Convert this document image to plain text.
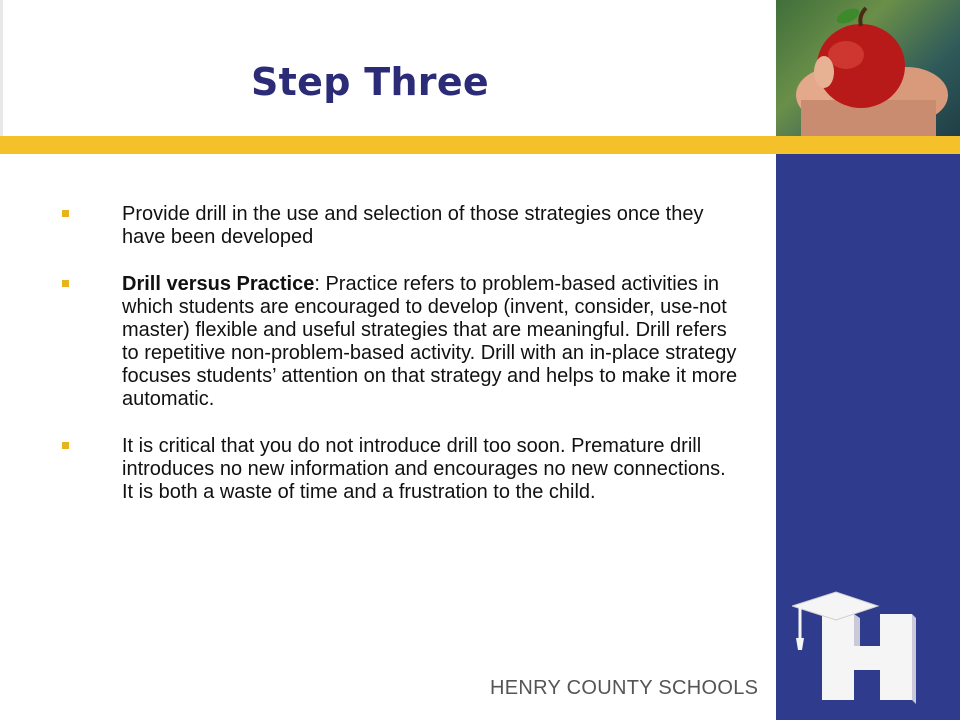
Step Three
Provide drill in the use and selection of those strategies once they have been developed
Drill versus Practice: Practice refers to problem-based activities in which students are encouraged to develop (invent, consider, use-not master) flexible and useful strategies that are meaningful. Drill refers to repetitive non-problem-based activity. Drill with an in-place strategy focuses students’ attention on that strategy and helps to make it more automatic.
It is critical that you do not introduce drill too soon. Premature drill introduces no new information and encourages no new connections. It is both a waste of time and a frustration to the child.
HENRY COUNTY SCHOOLS
